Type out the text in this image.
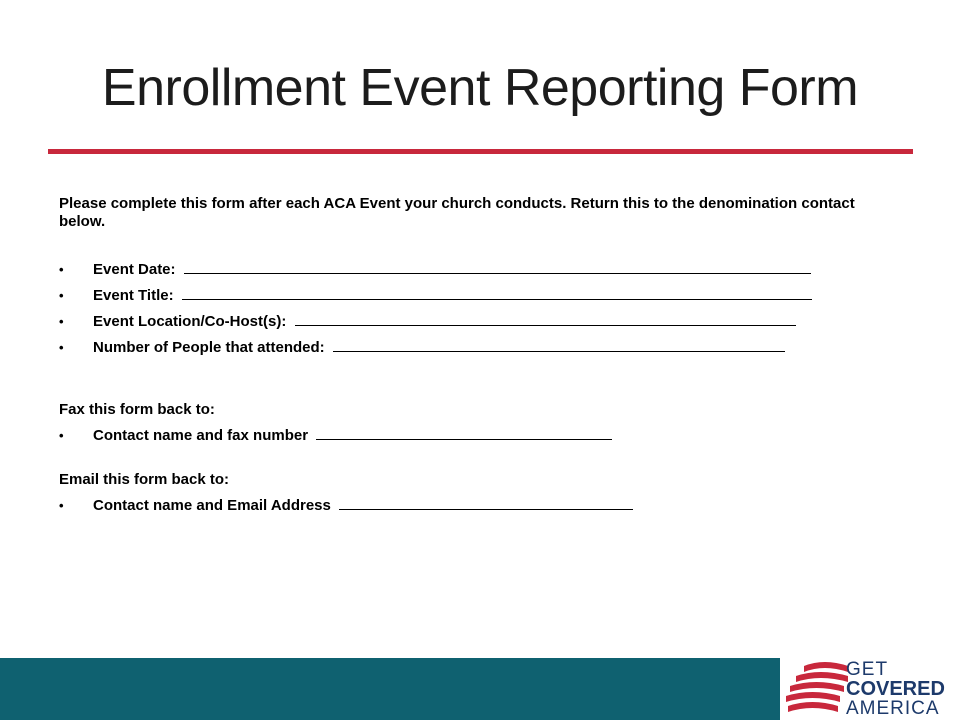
Enrollment Event Reporting Form

Please complete this form after each ACA Event your church conducts. Return this to the denomination contact below.

• Event Date:
• Event Title:
• Event Location/Co-Host(s):
• Number of People that attended:
Fax this form back to:
• Contact name and fax number
Email this form back to:
• Contact name and Email Address
GET
COVERED
AMERICA
